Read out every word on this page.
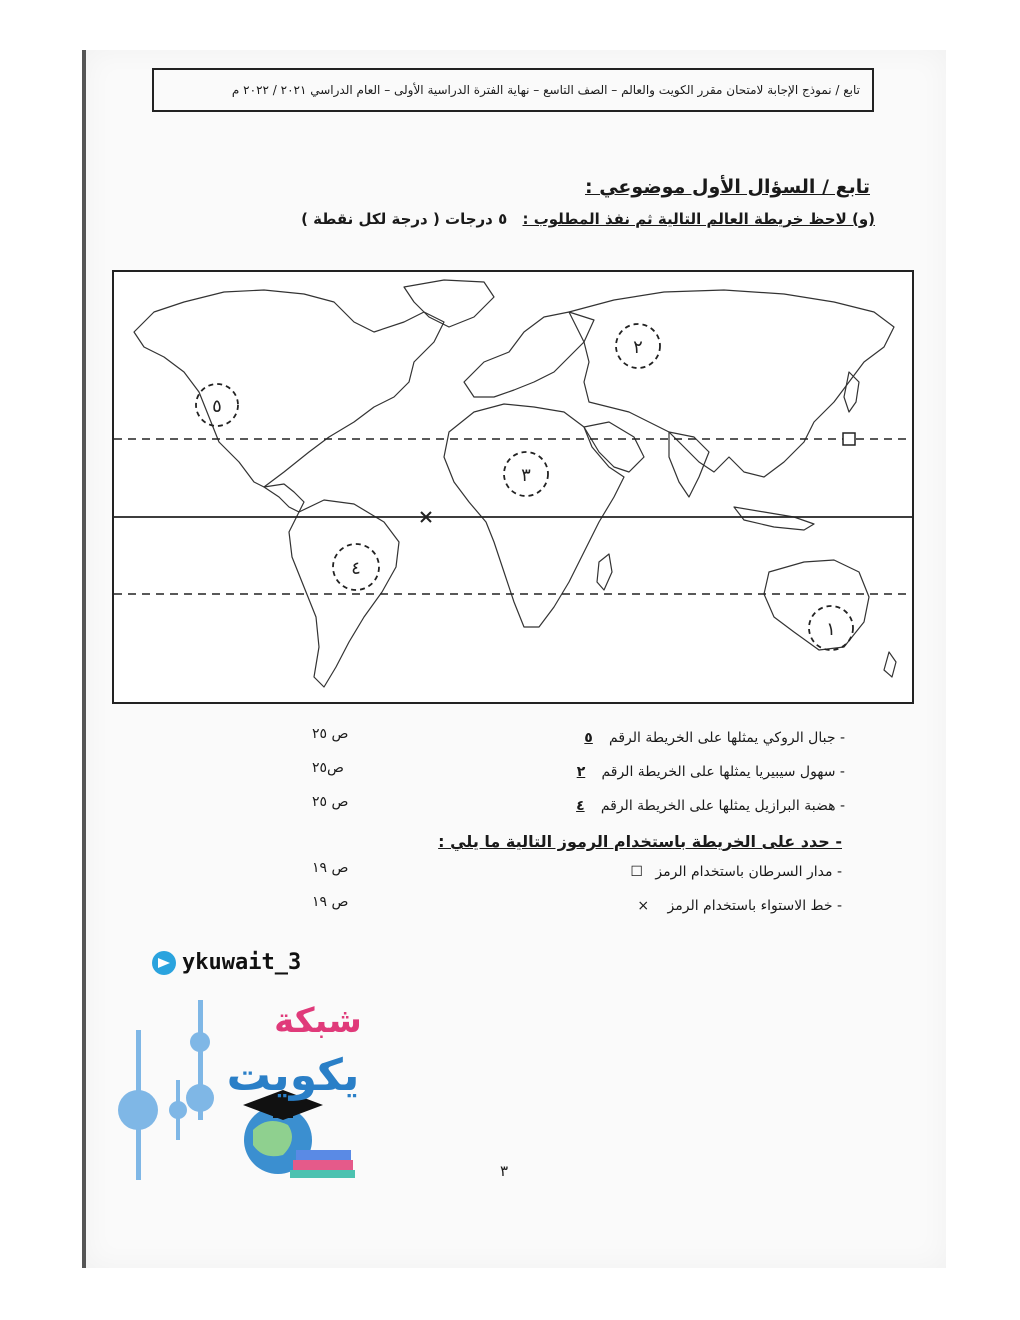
تابع / نموذج الإجابة لامتحان مقرر الكويت والعالم – الصف التاسع – نهاية الفترة الدراسية الأولى – العام الدراسي ٢٠٢١ / ٢٠٢٢ م
تابع / السؤال الأول موضوعي :
(و) لاحظ خريطة العالم التالية ثم نفذ المطلوب : ٥ درجات ( درجة لكل نقطة )
٢
٥
٣
٤
١
- جبال الروكي يمثلها على الخريطة الرقم ٥
ص ٢٥
- سهول سيبيريا يمثلها على الخريطة الرقم ٢
ص٢٥
- هضبة البرازيل يمثلها على الخريطة الرقم ٤
ص ٢٥
- حدد على الخريطة باستخدام الرموز التالية ما يلي :
- مدار السرطان باستخدام الرمز ☐
ص ١٩
- خط الاستواء باستخدام الرمز ×
ص ١٩
ykuwait_3
شبكة
يكويت
٣
